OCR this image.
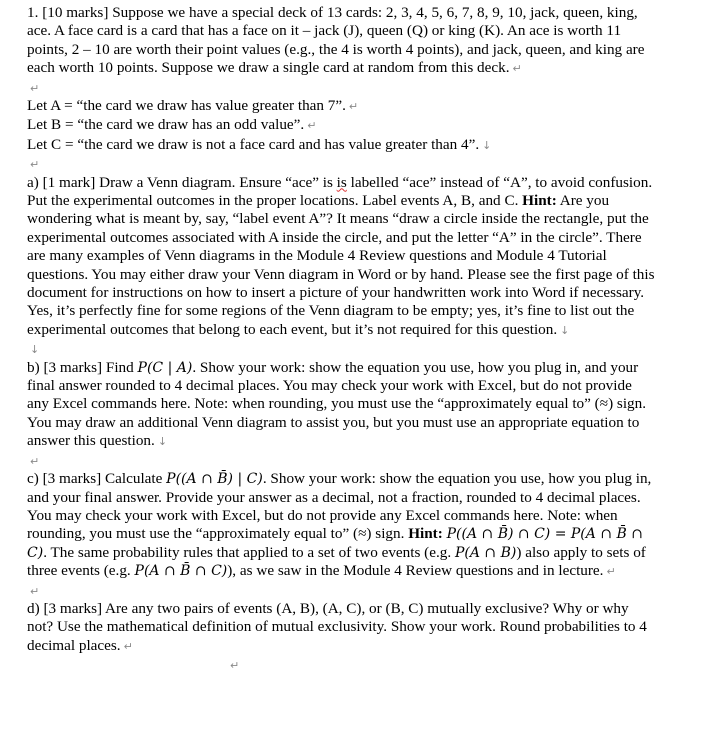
1. [10 marks] Suppose we have a special deck of 13 cards: 2, 3, 4, 5, 6, 7, 8, 9, 10, jack, queen, king, ace. A face card is a card that has a face on it – jack (J), queen (Q) or king (K). An ace is worth 11 points, 2 – 10 are worth their point values (e.g., the 4 is worth 4 points), and jack, queen, and king are each worth 10 points. Suppose we draw a single card at random from this deck. ↵

↵

Let A = “the card we draw has value greater than 7”. ↵

Let B = “the card we draw has an odd value”. ↵

Let C = “the card we draw is not a face card and has value greater than 4”. ↓

↵

a) [1 mark] Draw a Venn diagram. Ensure “ace” is is labelled “ace” instead of “A”, to avoid confusion. Put the experimental outcomes in the proper locations. Label events A, B, and C. Hint: Are you wondering what is meant by, say, “label event A”? It means “draw a circle inside the rectangle, put the experimental outcomes associated with A inside the circle, and put the letter “A” in the circle”. There are many examples of Venn diagrams in the Module 4 Review questions and Module 4 Tutorial questions. You may either draw your Venn diagram in Word or by hand. Please see the first page of this document for instructions on how to insert a picture of your handwritten work into Word if necessary. Yes, it’s perfectly fine for some regions of the Venn diagram to be empty; yes, it’s fine to list out the experimental outcomes that belong to each event, but it’s not required for this question. ↓

↓

b) [3 marks] Find P(C | A). Show your work: show the equation you use, how you plug in, and your final answer rounded to 4 decimal places. You may check your work with Excel, but do not provide any Excel commands here. Note: when rounding, you must use the “approximately equal to” (≈) sign. You may draw an additional Venn diagram to assist you, but you must use an appropriate equation to answer this question. ↓

↵

c) [3 marks] Calculate P((A ∩ B̄) | C). Show your work: show the equation you use, how you plug in, and your final answer. Provide your answer as a decimal, not a fraction, rounded to 4 decimal places. You may check your work with Excel, but do not provide any Excel commands here. Note: when rounding, you must use the “approximately equal to” (≈) sign. Hint: P((A ∩ B̄) ∩ C) = P(A ∩ B̄ ∩ C). The same probability rules that applied to a set of two events (e.g. P(A ∩ B)) also apply to sets of three events (e.g. P(A ∩ B̄ ∩ C)), as we saw in the Module 4 Review questions and in lecture. ↵

↵

d) [3 marks] Are any two pairs of events (A, B), (A, C), or (B, C) mutually exclusive? Why or why not? Use the mathematical definition of mutual exclusivity. Show your work. Round probabilities to 4 decimal places. ↵

↵
